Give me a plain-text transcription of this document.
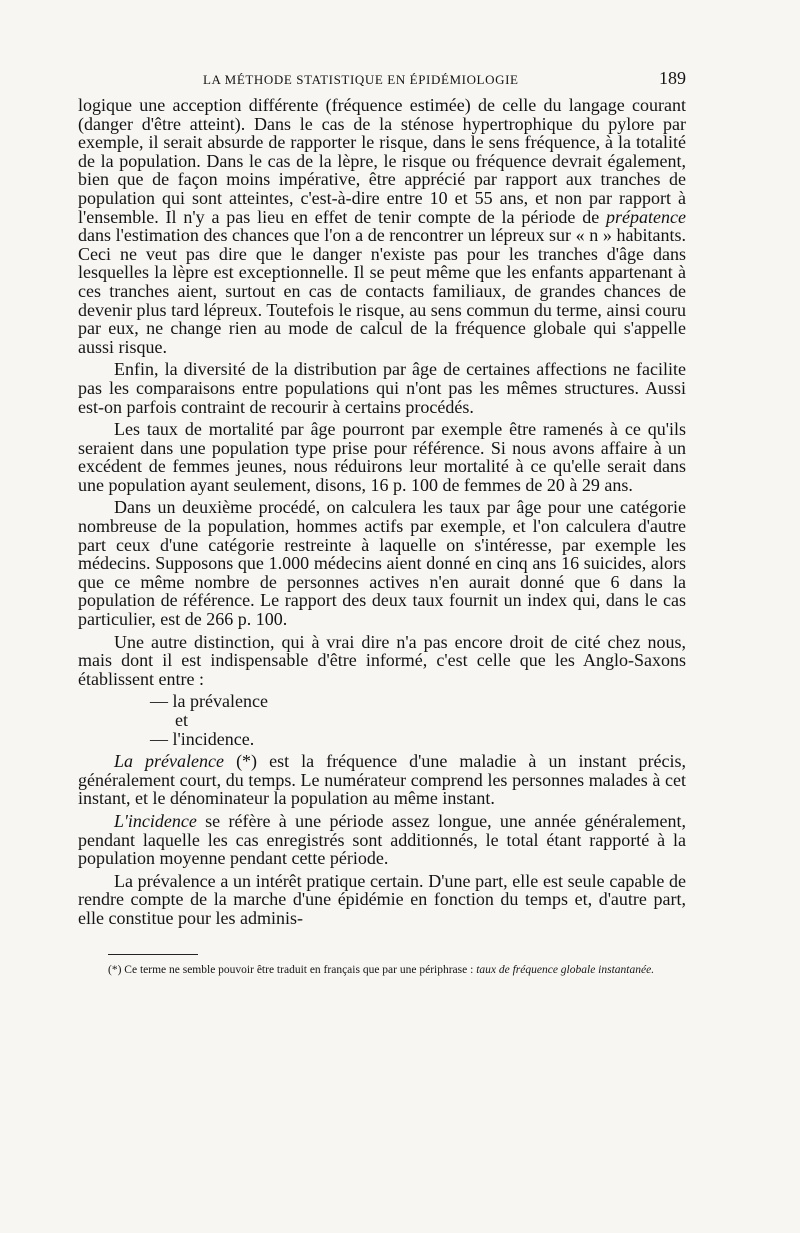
LA MÉTHODE STATISTIQUE EN ÉPIDÉMIOLOGIE	189

logique une acception différente (fréquence estimée) de celle du langage courant (danger d'être atteint). Dans le cas de la sténose hypertrophique du pylore par exemple, il serait absurde de rapporter le risque, dans le sens fréquence, à la totalité de la population. Dans le cas de la lèpre, le risque ou fréquence devrait également, bien que de façon moins impérative, être apprécié par rapport aux tranches de population qui sont atteintes, c'est-à-dire entre 10 et 55 ans, et non par rapport à l'ensemble. Il n'y a pas lieu en effet de tenir compte de la période de prépatence dans l'estimation des chances que l'on a de rencontrer un lépreux sur « n » habitants. Ceci ne veut pas dire que le danger n'existe pas pour les tranches d'âge dans lesquelles la lèpre est exceptionnelle. Il se peut même que les enfants appartenant à ces tranches aient, surtout en cas de contacts familiaux, de grandes chances de devenir plus tard lépreux. Toutefois le risque, au sens commun du terme, ainsi couru par eux, ne change rien au mode de calcul de la fréquence globale qui s'appelle aussi risque.

Enfin, la diversité de la distribution par âge de certaines affections ne facilite pas les comparaisons entre populations qui n'ont pas les mêmes structures. Aussi est-on parfois contraint de recourir à certains procédés.

Les taux de mortalité par âge pourront par exemple être ramenés à ce qu'ils seraient dans une population type prise pour référence. Si nous avons affaire à un excédent de femmes jeunes, nous réduirons leur mortalité à ce qu'elle serait dans une population ayant seulement, disons, 16 p. 100 de femmes de 20 à 29 ans.

Dans un deuxième procédé, on calculera les taux par âge pour une catégorie nombreuse de la population, hommes actifs par exemple, et l'on calculera d'autre part ceux d'une catégorie restreinte à laquelle on s'intéresse, par exemple les médecins. Supposons que 1.000 médecins aient donné en cinq ans 16 suicides, alors que ce même nombre de personnes actives n'en aurait donné que 6 dans la population de référence. Le rapport des deux taux fournit un index qui, dans le cas particulier, est de 266 p. 100.

Une autre distinction, qui à vrai dire n'a pas encore droit de cité chez nous, mais dont il est indispensable d'être informé, c'est celle que les Anglo-Saxons établissent entre :

— la prévalence
et
— l'incidence.

La prévalence (*) est la fréquence d'une maladie à un instant précis, généralement court, du temps. Le numérateur comprend les personnes malades à cet instant, et le dénominateur la population au même instant.

L'incidence se réfère à une période assez longue, une année généralement, pendant laquelle les cas enregistrés sont additionnés, le total étant rapporté à la population moyenne pendant cette période.

La prévalence a un intérêt pratique certain. D'une part, elle est seule capable de rendre compte de la marche d'une épidémie en fonction du temps et, d'autre part, elle constitue pour les adminis-

(*) Ce terme ne semble pouvoir être traduit en français que par une périphrase : taux de fréquence globale instantanée.
